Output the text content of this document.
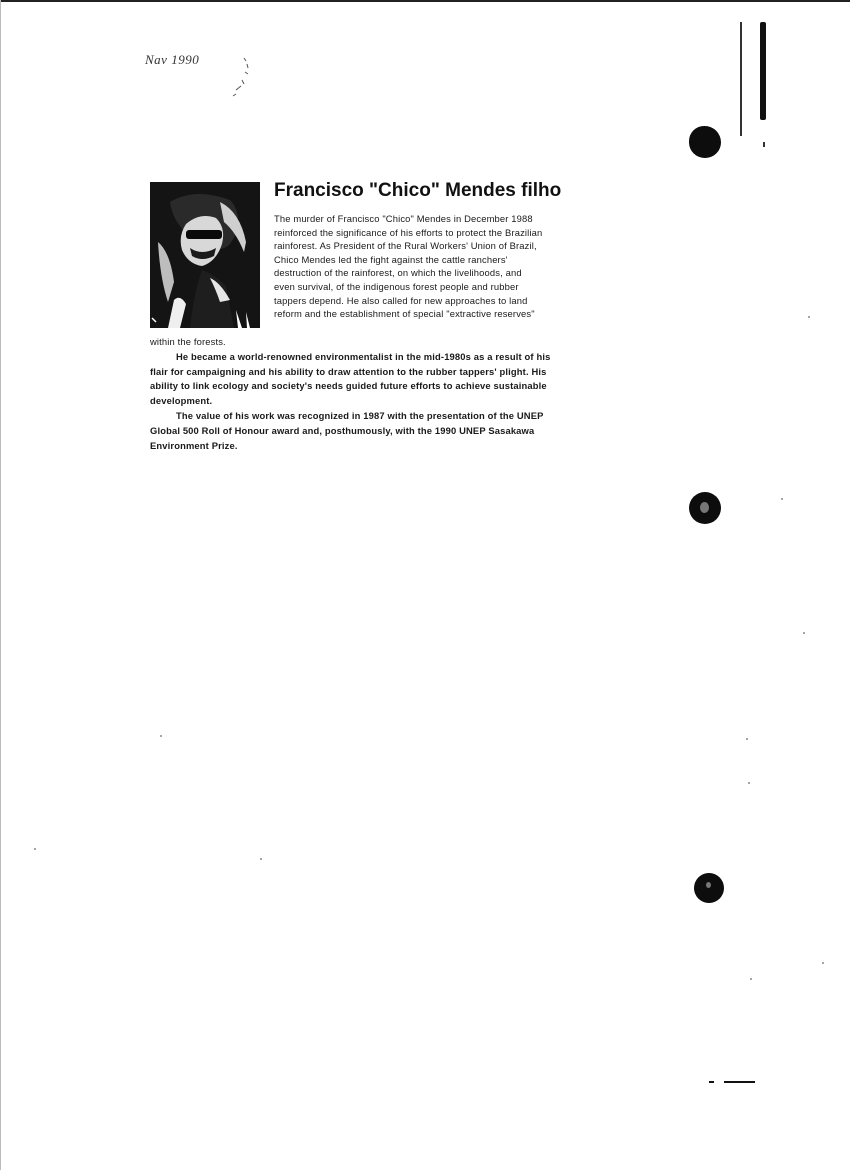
Nav 1990
Francisco "Chico" Mendes filho
The murder of Francisco "Chico" Mendes in December 1988
reinforced the significance of his efforts to protect the Brazilian
rainforest. As President of the Rural Workers' Union of Brazil,
Chico Mendes led the fight against the cattle ranchers'
destruction of the rainforest, on which the livelihoods, and
even survival, of the indigenous forest people and rubber
tappers depend. He also called for new approaches to land
reform and the establishment of special "extractive reserves"
within the forests.
He became a world-renowned environmentalist in the mid-1980s as a result of his
flair for campaigning and his ability to draw attention to the rubber tappers' plight. His
ability to link ecology and society's needs guided future efforts to achieve sustainable
development.
The value of his work was recognized in 1987 with the presentation of the UNEP
Global 500 Roll of Honour award and, posthumously, with the 1990 UNEP Sasakawa
Environment Prize.
